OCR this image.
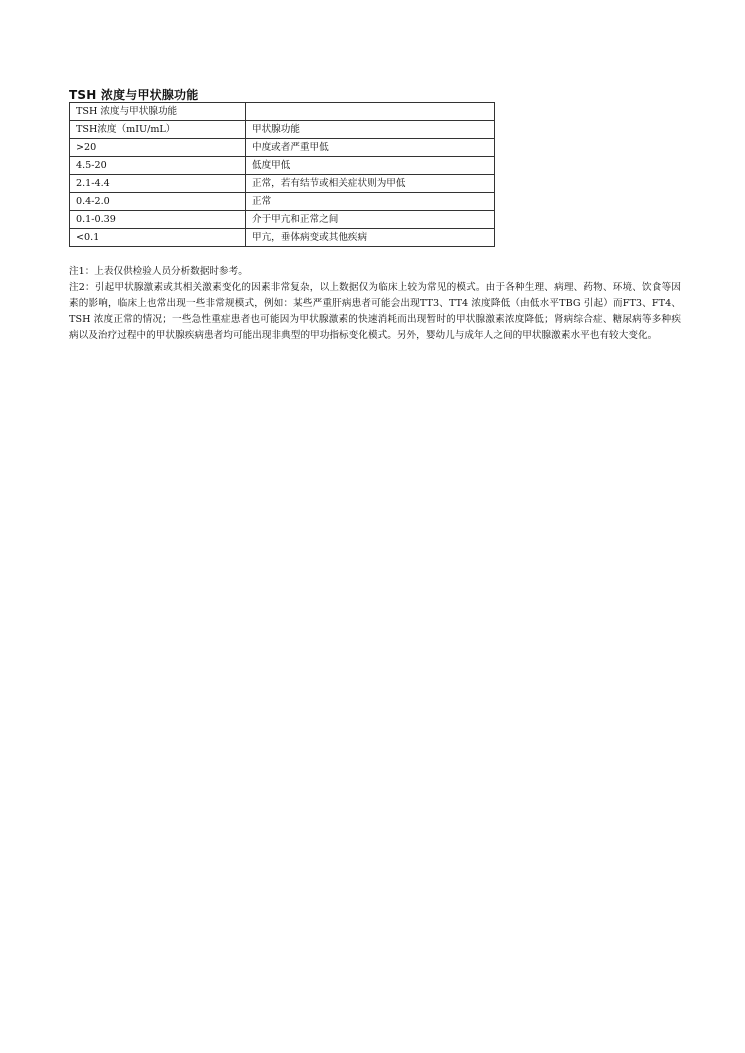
TSH 浓度与甲状腺功能
TSH 浓度与甲状腺功能	
TSH浓度（mIU/mL）	甲状腺功能
>20	中度或者严重甲低
4.5-20	低度甲低
2.1-4.4	正常，若有结节或相关症状则为甲低
0.4-2.0	正常
0.1-0.39	介于甲亢和正常之间
<0.1	甲亢，垂体病变或其他疾病

注1：上表仅供检验人员分析数据时参考。

注2：引起甲状腺激素或其相关激素变化的因素非常复杂，以上数据仅为临床上较为常见的模式。由于各种生理、病理、药物、环境、饮食等因素的影响，临床上也常出现一些非常规模式，例如：某些严重肝病患者可能会出现TT3、TT4 浓度降低（由低水平TBG 引起）而FT3、FT4、TSH 浓度正常的情况；一些急性重症患者也可能因为甲状腺激素的快速消耗而出现暂时的甲状腺激素浓度降低；肾病综合症、糖尿病等多种疾病以及治疗过程中的甲状腺疾病患者均可能出现非典型的甲功指标变化模式。另外，婴幼儿与成年人之间的甲状腺激素水平也有较大变化。
